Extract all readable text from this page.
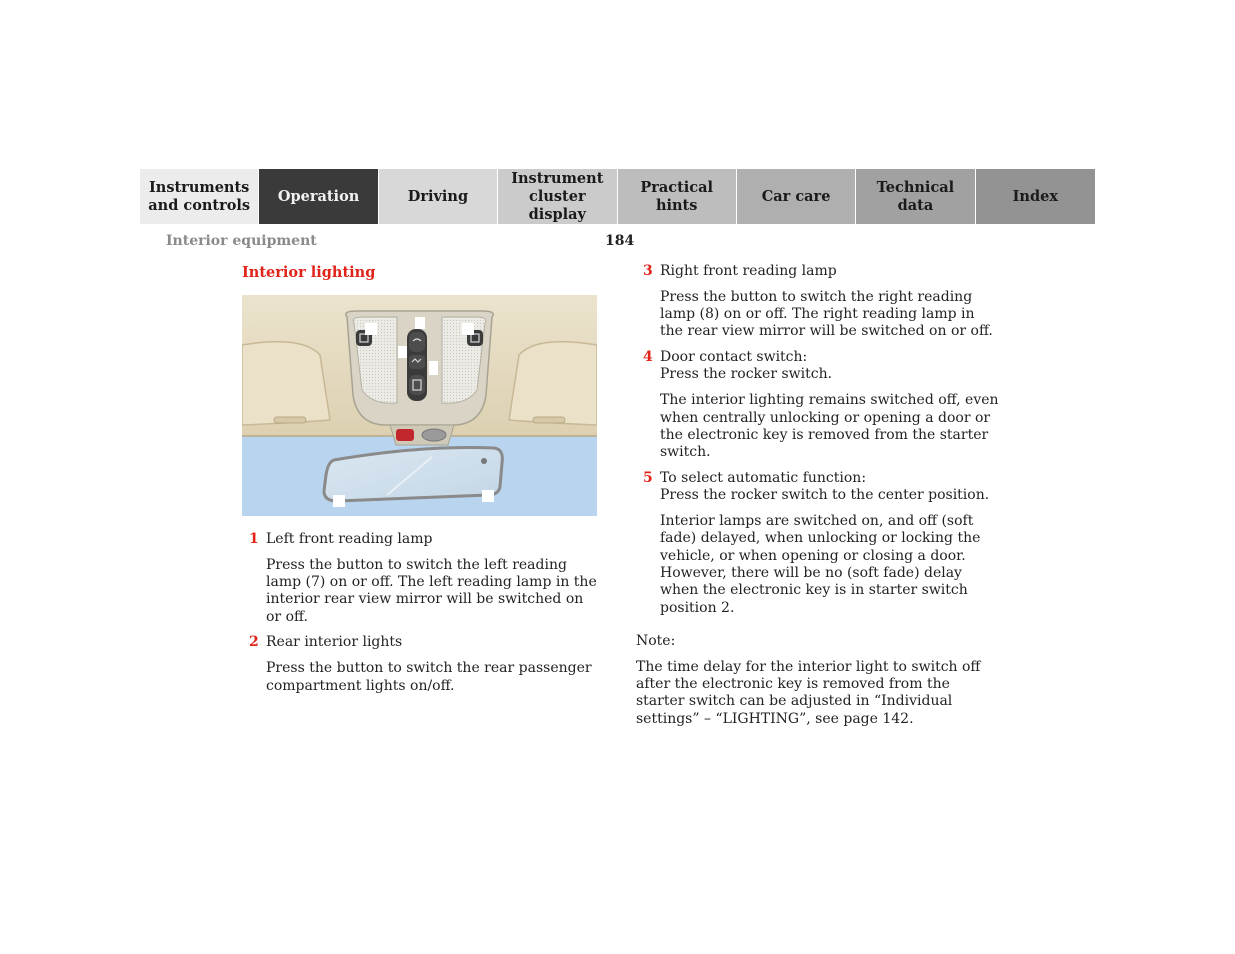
Instruments
and controls
Operation	Driving
Instrument
cluster display
Practical hints
Car care
Technical
data
Index
Interior equipment	184
Interior lighting
1 Left front reading lamp

Press the button to switch the left reading lamp (7) on or off. The left reading lamp in the interior rear view mirror will be switched on or off.

2 Rear interior lights

Press the button to switch the rear passenger compartment lights on/off.

3 Right front reading lamp

Press the button to switch the right reading lamp (8) on or off. The right reading lamp in the rear view mirror will be switched on or off.

4 Door contact switch:
Press the rocker switch.

The interior lighting remains switched off, even when centrally unlocking or opening a door or the electronic key is removed from the starter switch.

5 To select automatic function:
Press the rocker switch to the center position.

Interior lamps are switched on, and off (soft fade) delayed, when unlocking or locking the vehicle, or when opening or closing a door. However, there will be no (soft fade) delay when the electronic key is in starter switch position 2.

Note:

The time delay for the interior light to switch off after the electronic key is removed from the starter switch can be adjusted in “Individual settings” – “LIGHTING”, see page 142.
